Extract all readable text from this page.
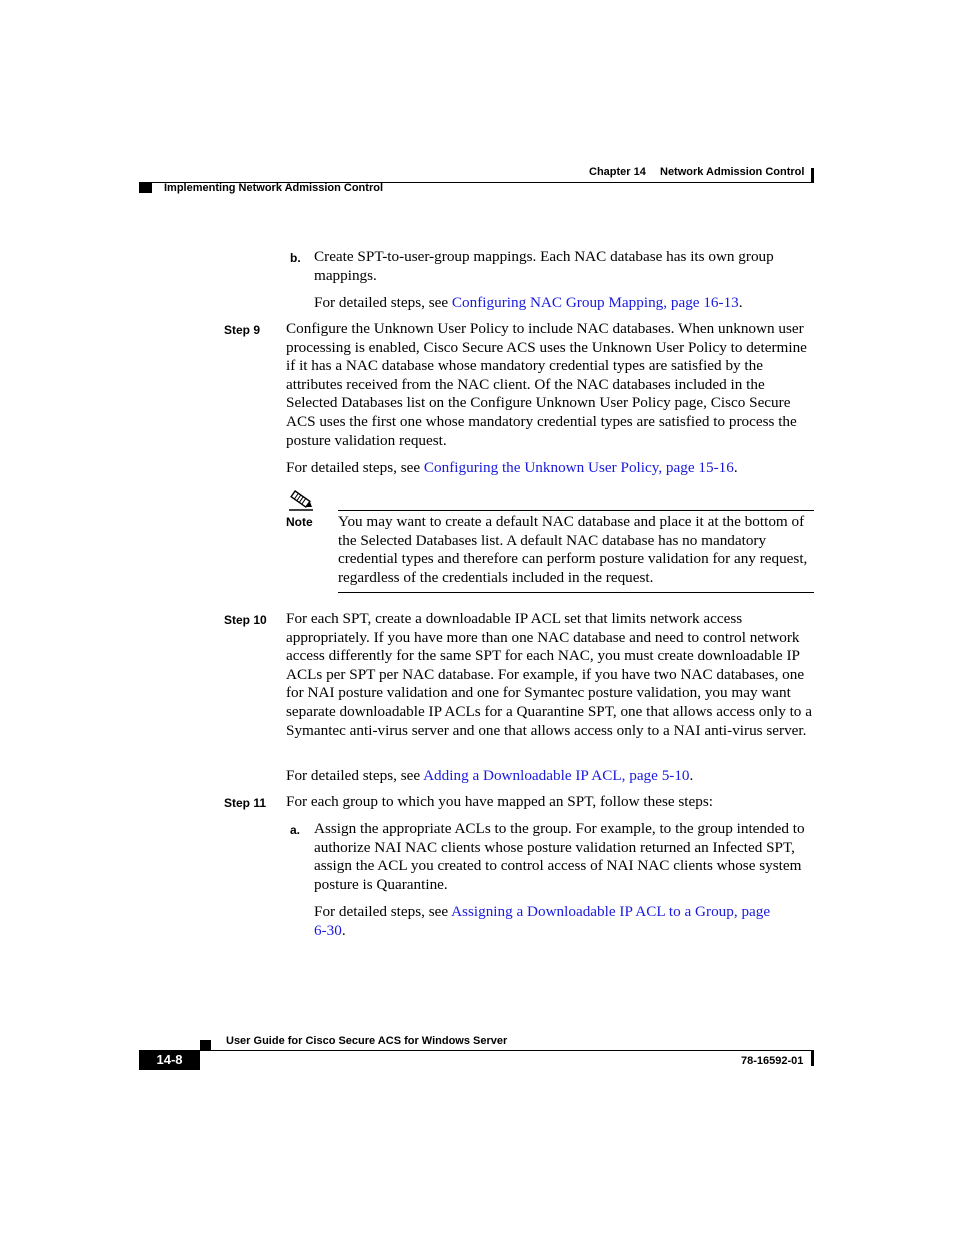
Chapter 14 Network Admission Control
Implementing Network Admission Control
b. Create SPT-to-user-group mappings. Each NAC database has its own group mappings.
For detailed steps, see Configuring NAC Group Mapping, page 16-13.
Step 9 Configure the Unknown User Policy to include NAC databases. When unknown user processing is enabled, Cisco Secure ACS uses the Unknown User Policy to determine if it has a NAC database whose mandatory credential types are satisfied by the attributes received from the NAC client. Of the NAC databases included in the Selected Databases list on the Configure Unknown User Policy page, Cisco Secure ACS uses the first one whose mandatory credential types are satisfied to process the posture validation request.
For detailed steps, see Configuring the Unknown User Policy, page 15-16.
Note You may want to create a default NAC database and place it at the bottom of the Selected Databases list. A default NAC database has no mandatory credential types and therefore can perform posture validation for any request, regardless of the credentials included in the request.
Step 10 For each SPT, create a downloadable IP ACL set that limits network access appropriately. If you have more than one NAC database and need to control network access differently for the same SPT for each NAC, you must create downloadable IP ACLs per SPT per NAC database. For example, if you have two NAC databases, one for NAI posture validation and one for Symantec posture validation, you may want separate downloadable IP ACLs for a Quarantine SPT, one that allows access only to a Symantec anti-virus server and one that allows access only to a NAI anti-virus server.
For detailed steps, see Adding a Downloadable IP ACL, page 5-10.
Step 11 For each group to which you have mapped an SPT, follow these steps:
a. Assign the appropriate ACLs to the group. For example, to the group intended to authorize NAI NAC clients whose posture validation returned an Infected SPT, assign the ACL you created to control access of NAI NAC clients whose system posture is Quarantine.
For detailed steps, see Assigning a Downloadable IP ACL to a Group, page 6-30.
User Guide for Cisco Secure ACS for Windows Server
14-8	78-16592-01
